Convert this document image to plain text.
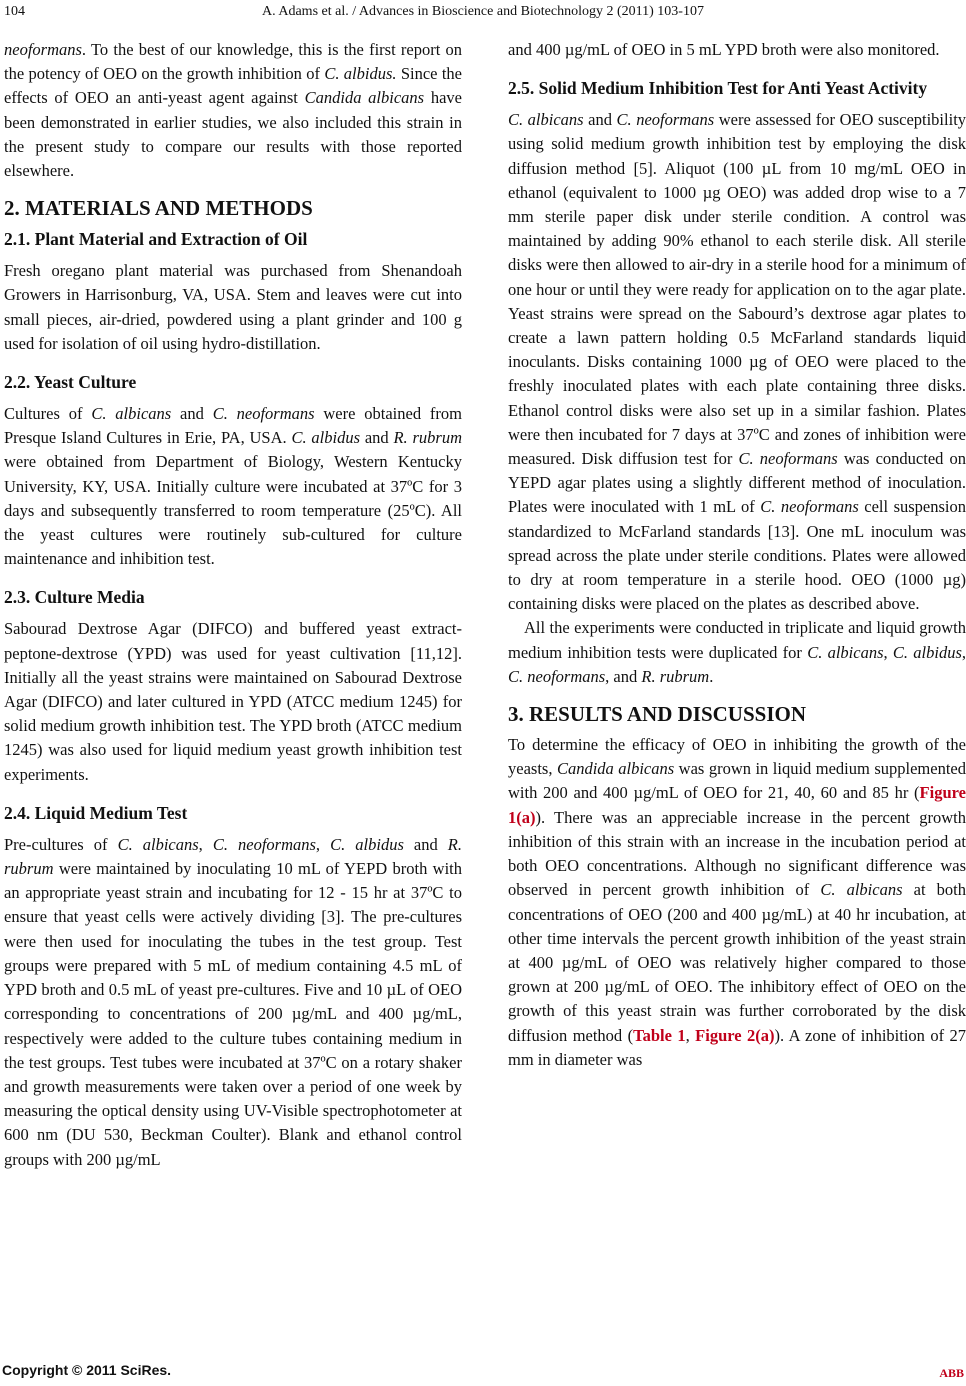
104	A. Adams et al. / Advances in Bioscience and Biotechnology 2 (2011) 103-107

neoformans. To the best of our knowledge, this is the first report on the potency of OEO on the growth inhibition of C. albidus. Since the effects of OEO an anti-yeast agent against Candida albicans have been demonstrated in earlier studies, we also included this strain in the present study to compare our results with those reported elsewhere.

2. MATERIALS AND METHODS
2.1. Plant Material and Extraction of Oil

Fresh oregano plant material was purchased from Shenandoah Growers in Harrisonburg, VA, USA. Stem and leaves were cut into small pieces, air-dried, powdered using a plant grinder and 100 g used for isolation of oil using hydro-distillation.

2.2. Yeast Culture

Cultures of C. albicans and C. neoformans were obtained from Presque Island Cultures in Erie, PA, USA. C. albidus and R. rubrum were obtained from Department of Biology, Western Kentucky University, KY, USA. Initially culture were incubated at 37ºC for 3 days and subsequently transferred to room temperature (25ºC). All the yeast cultures were routinely sub-cultured for culture maintenance and inhibition test.

2.3. Culture Media

Sabourad Dextrose Agar (DIFCO) and buffered yeast extract-peptone-dextrose (YPD) was used for yeast cultivation [11,12]. Initially all the yeast strains were maintained on Sabourad Dextrose Agar (DIFCO) and later cultured in YPD (ATCC medium 1245) for solid medium growth inhibition test. The YPD broth (ATCC medium 1245) was also used for liquid medium yeast growth inhibition test experiments.

2.4. Liquid Medium Test

Pre-cultures of C. albicans, C. neoformans, C. albidus and R. rubrum were maintained by inoculating 10 mL of YEPD broth with an appropriate yeast strain and incubating for 12 - 15 hr at 37ºC to ensure that yeast cells were actively dividing [3]. The pre-cultures were then used for inoculating the tubes in the test group. Test groups were prepared with 5 mL of medium containing 4.5 mL of YPD broth and 0.5 mL of yeast pre-cultures. Five and 10 µL of OEO corresponding to concentrations of 200 µg/mL and 400 µg/mL, respectively were added to the culture tubes containing medium in the test groups. Test tubes were incubated at 37ºC on a rotary shaker and growth measurements were taken over a period of one week by measuring the optical density using UV-Visible spectrophotometer at 600 nm (DU 530, Beckman Coulter). Blank and ethanol control groups with 200 µg/mL

and 400 µg/mL of OEO in 5 mL YPD broth were also monitored.

2.5. Solid Medium Inhibition Test for Anti Yeast Activity

C. albicans and C. neoformans were assessed for OEO susceptibility using solid medium growth inhibition test by employing the disk diffusion method [5]. Aliquot (100 µL from 10 mg/mL OEO in ethanol (equivalent to 1000 µg OEO) was added drop wise to a 7 mm sterile paper disk under sterile condition. A control was maintained by adding 90% ethanol to each sterile disk. All sterile disks were then allowed to air-dry in a sterile hood for a minimum of one hour or until they were ready for application on to the agar plate. Yeast strains were spread on the Sabourd’s dextrose agar plates to create a lawn pattern holding 0.5 McFarland standards liquid inoculants. Disks containing 1000 µg of OEO were placed to the freshly inoculated plates with each plate containing three disks. Ethanol control disks were also set up in a similar fashion. Plates were then incubated for 7 days at 37ºC and zones of inhibition were measured. Disk diffusion test for C. neoformans was conducted on YEPD agar plates using a slightly different method of inoculation. Plates were inoculated with 1 mL of C. neoformans cell suspension standardized to McFarland standards [13]. One mL inoculum was spread across the plate under sterile conditions. Plates were allowed to dry at room temperature in a sterile hood. OEO (1000 µg) containing disks were placed on the plates as described above.

All the experiments were conducted in triplicate and liquid growth medium inhibition tests were duplicated for C. albicans, C. albidus, C. neoformans, and R. rubrum.

3. RESULTS AND DISCUSSION

To determine the efficacy of OEO in inhibiting the growth of the yeasts, Candida albicans was grown in liquid medium supplemented with 200 and 400 µg/mL of OEO for 21, 40, 60 and 85 hr (Figure 1(a)). There was an appreciable increase in the percent growth inhibition of this strain with an increase in the incubation period at both OEO concentrations. Although no significant difference was observed in percent growth inhibition of C. albicans at both concentrations of OEO (200 and 400 µg/mL) at 40 hr incubation, at other time intervals the percent growth inhibition of the yeast strain at 400 µg/mL of OEO was relatively higher compared to those grown at 200 µg/mL of OEO. The inhibitory effect of OEO on the growth of this yeast strain was further corroborated by the disk diffusion method (Table 1, Figure 2(a)). A zone of inhibition of 27 mm in diameter was

Copyright © 2011 SciRes.	ABB
